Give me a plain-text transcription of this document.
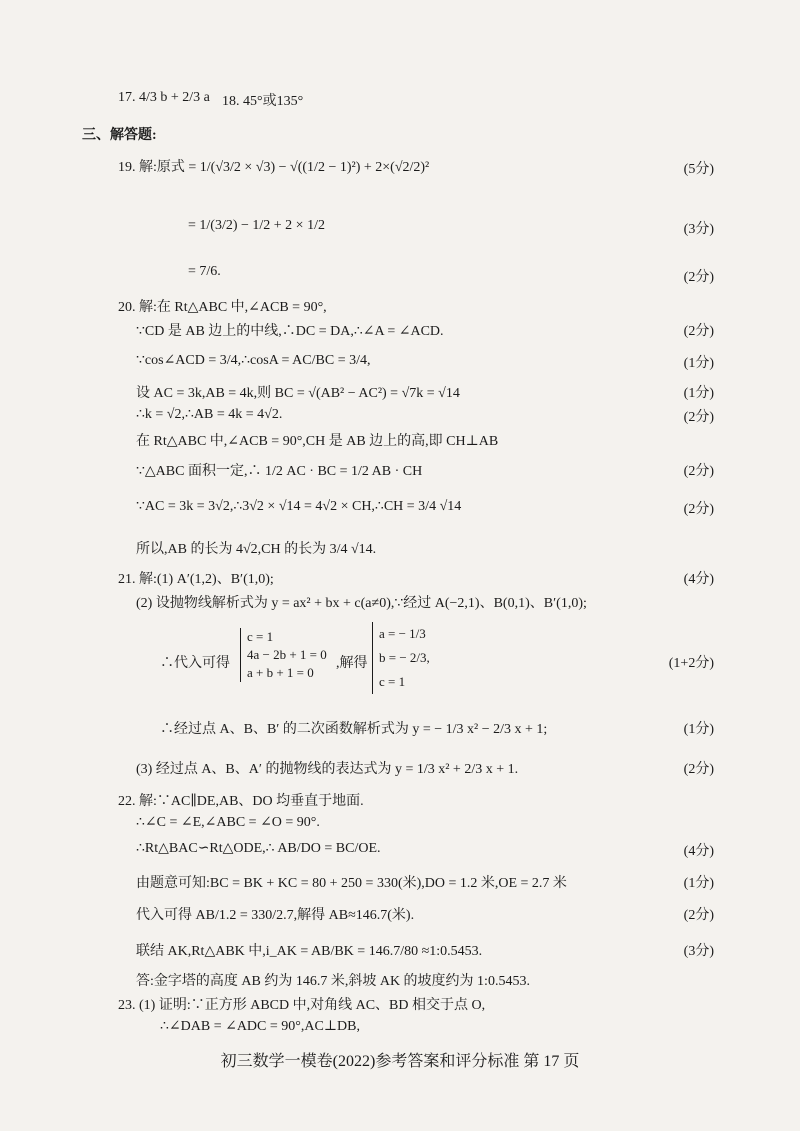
17. 4/3 b + 2/3 a 18. 45°或135°
三、解答题:
19. 解:原式 = 1/(√3/2 × √3) − √((1/2 − 1)²) + 2×(√2/2)²	(5分)
= 1/(3/2) − 1/2 + 2 × 1/2	(3分)
= 7/6.	(2分)
20. 解:在 Rt△ABC 中,∠ACB = 90°,
∵CD 是 AB 边上的中线,∴DC = DA,∴∠A = ∠ACD.	(2分)
∵cos∠ACD = 3/4,∴cosA = AC/BC = 3/4,	(1分)
设 AC = 3k,AB = 4k,则 BC = √(AB² − AC²) = √7k = √14	(1分)
∴k = √2,∴AB = 4k = 4√2.	(2分)
在 Rt△ABC 中,∠ACB = 90°,CH 是 AB 边上的高,即 CH⊥AB
∵△ABC 面积一定,∴ 1/2 AC · BC = 1/2 AB · CH	(2分)
∵AC = 3k = 3√2,∴3√2 × √14 = 4√2 × CH,∴CH = 3/4 √14	(2分)
所以,AB 的长为 4√2,CH 的长为 3/4 √14.
21. 解:(1) A′(1,2)、B′(1,0);	(4分)
(2) 设抛物线解析式为 y = ax² + bx + c(a≠0),∵经过 A(−2,1)、B(0,1)、B′(1,0);
∴代入可得
c = 1
4a − 2b + 1 = 0
a + b + 1 = 0
,解得
a = − 1/3
b = − 2/3,
c = 1
(1+2分)
∴经过点 A、B、B′ 的二次函数解析式为 y = − 1/3 x² − 2/3 x + 1;	(1分)
(3) 经过点 A、B、A′ 的抛物线的表达式为 y = 1/3 x² + 2/3 x + 1.	(2分)
22. 解:∵AC∥DE,AB、DO 均垂直于地面.
∴∠C = ∠E,∠ABC = ∠O = 90°.
∴Rt△BAC∽Rt△ODE,∴ AB/DO = BC/OE.	(4分)
由题意可知:BC = BK + KC = 80 + 250 = 330(米),DO = 1.2 米,OE = 2.7 米	(1分)
代入可得 AB/1.2 = 330/2.7,解得 AB≈146.7(米).	(2分)
联结 AK,Rt△ABK 中,i_AK = AB/BK = 146.7/80 ≈1:0.5453.	(3分)
答:金字塔的高度 AB 约为 146.7 米,斜坡 AK 的坡度约为 1:0.5453.
23. (1) 证明:∵正方形 ABCD 中,对角线 AC、BD 相交于点 O,
∴∠DAB = ∠ADC = 90°,AC⊥DB,
初三数学一模卷(2022)参考答案和评分标准 第 17 页
